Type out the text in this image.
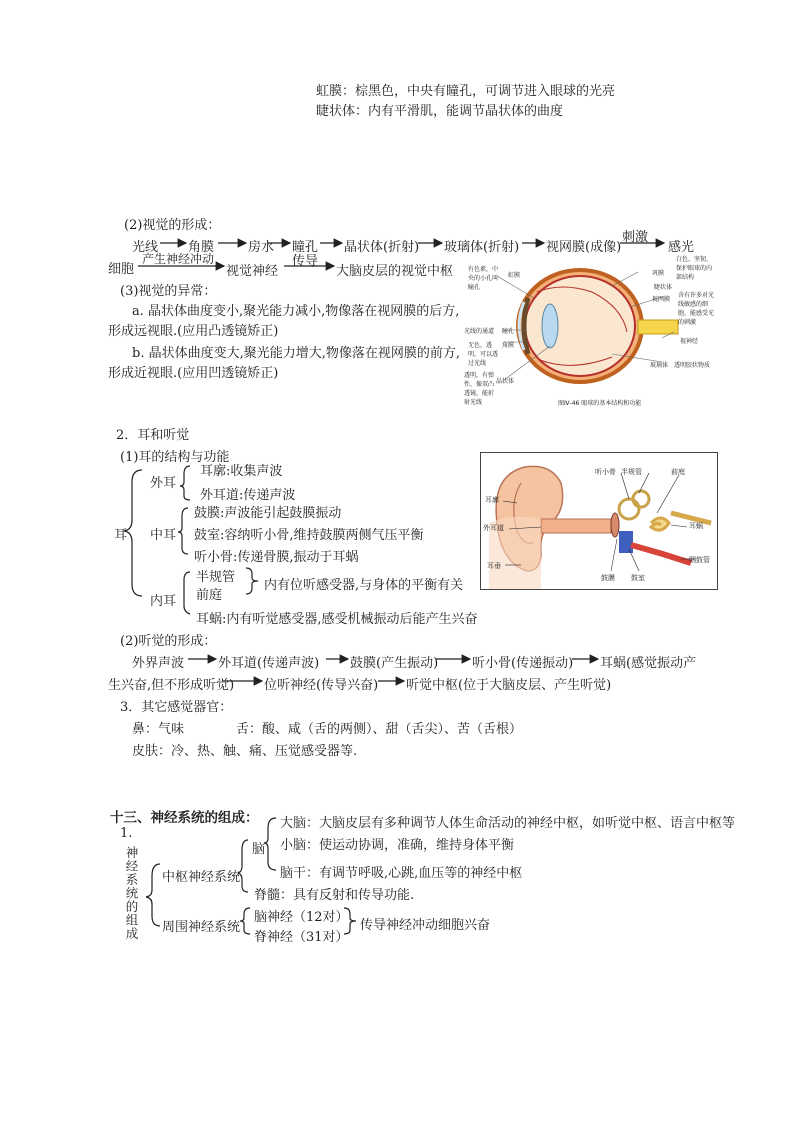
虹膜：棕黑色，中央有瞳孔，可调节进入眼球的光亮
睫状体：内有平滑肌，能调节晶状体的曲度
(2)视觉的形成：
光线 角膜	房水 瞳孔 晶状体(折射) 玻璃体(折射) 视网膜(成像)
刺激
感光
细胞
产生神经冲动
视觉神经
传导
大脑皮层的视觉中枢
(3)视觉的异常：
a. 晶状体曲度变小,聚光能力减小,物像落在视网膜的后方,
形成远视眼.(应用凸透镜矫正)
b. 晶状体曲度变大,聚光能力增大,物像落在视网膜的前方,
形成近视眼.(应用凹透镜矫正)
有色素，中央的小孔叫瞳孔
虹膜
白色，坚韧，保护眼球的内部结构
巩膜
睫状体
视网膜
含有许多对光线敏感的细胞，能感受光的刺激
光线的通道 瞳孔
角膜
无色，透明，可以透过光线
视神经
透明，有弹性，像双凸透镜，能折射光线
晶状体
玻璃体 透明胶状物质
图Ⅳ-46 眼球的基本结构和功能
2．耳和听觉
(1)耳的结构与功能
耳
外耳
耳廓:收集声波
外耳道:传递声波
中耳
鼓膜:声波能引起鼓膜振动
鼓室:容纳听小骨,维持鼓膜两侧气压平衡
听小骨:传递骨膜,振动于耳蜗
内耳
半规管
前庭
内有位听感受器,与身体的平衡有关
耳蜗:内有听觉感受器,感受机械振动后能产生兴奋
听小骨 半规管	前庭
耳廓
外耳道	耳蜗
咽鼓管
耳垂
鼓膜 鼓室
(2)听觉的形成：
外界声波	外耳道(传递声波) 鼓膜(产生振动)	听小骨(传递振动) 耳蜗(感觉振动产
生兴奋,但不形成听觉) 位听神经(传导兴奋) 听觉中枢(位于大脑皮层、产生听觉)
3．其它感觉器官：
鼻：气味	舌：酸、咸（舌的两侧）、甜（舌尖）、苦（舌根）
皮肤：冷、热、触、痛、压觉感受器等.
十三、神经系统的组成：
1.
神经系统的组成 中枢神经系统
脑
大脑：大脑皮层有多种调节人体生命活动的神经中枢，如听觉中枢、语言中枢等
小脑：使运动协调，准确，维持身体平衡
脑干：有调节呼吸,心跳,血压等的神经中枢
脊髓：具有反射和传导功能.
周围神经系统
脑神经（12对）
脊神经（31对）
传导神经冲动细胞兴奋
